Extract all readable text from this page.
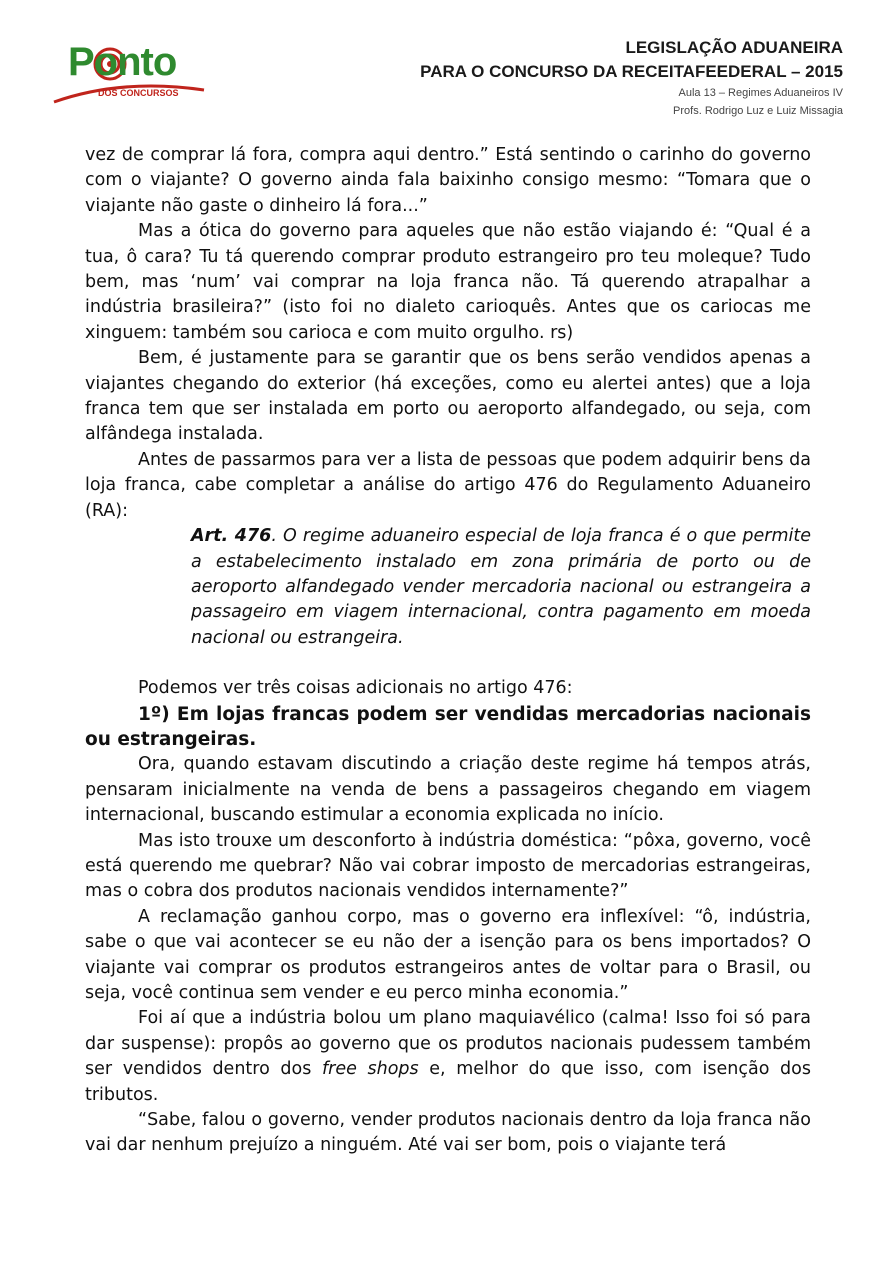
Ponto
DOS CONCURSOS
LEGISLAÇÃO ADUANEIRA
PARA O CONCURSO DA RECEITAFEEDERAL – 2015
Aula 13 – Regimes Aduaneiros IV
Profs. Rodrigo Luz e Luiz Missagia

vez de comprar lá fora, compra aqui dentro.” Está sentindo o carinho do governo com o viajante? O governo ainda fala baixinho consigo mesmo: “Tomara que o viajante não gaste o dinheiro lá fora...”

Mas a ótica do governo para aqueles que não estão viajando é: “Qual é a tua, ô cara? Tu tá querendo comprar produto estrangeiro pro teu moleque? Tudo bem, mas ‘num’ vai comprar na loja franca não. Tá querendo atrapalhar a indústria brasileira?” (isto foi no dialeto carioquês. Antes que os cariocas me xinguem: também sou carioca e com muito orgulho. rs)

Bem, é justamente para se garantir que os bens serão vendidos apenas a viajantes chegando do exterior (há exceções, como eu alertei antes) que a loja franca tem que ser instalada em porto ou aeroporto alfandegado, ou seja, com alfândega instalada.

Antes de passarmos para ver a lista de pessoas que podem adquirir bens da loja franca, cabe completar a análise do artigo 476 do Regulamento Aduaneiro (RA):

Art. 476. O regime aduaneiro especial de loja franca é o que permite a estabelecimento instalado em zona primária de porto ou de aeroporto alfandegado vender mercadoria nacional ou estrangeira a passageiro em viagem internacional, contra pagamento em moeda nacional ou estrangeira.

Podemos ver três coisas adicionais no artigo 476:

1º) Em lojas francas podem ser vendidas mercadorias nacionais ou estrangeiras.

Ora, quando estavam discutindo a criação deste regime há tempos atrás, pensaram inicialmente na venda de bens a passageiros chegando em viagem internacional, buscando estimular a economia explicada no início.

Mas isto trouxe um desconforto à indústria doméstica: “pôxa, governo, você está querendo me quebrar? Não vai cobrar imposto de mercadorias estrangeiras, mas o cobra dos produtos nacionais vendidos internamente?”

A reclamação ganhou corpo, mas o governo era inflexível: “ô, indústria, sabe o que vai acontecer se eu não der a isenção para os bens importados? O viajante vai comprar os produtos estrangeiros antes de voltar para o Brasil, ou seja, você continua sem vender e eu perco minha economia.”

Foi aí que a indústria bolou um plano maquiavélico (calma! Isso foi só para dar suspense): propôs ao governo que os produtos nacionais pudessem também ser vendidos dentro dos free shops e, melhor do que isso, com isenção dos tributos.

“Sabe, falou o governo, vender produtos nacionais dentro da loja franca não vai dar nenhum prejuízo a ninguém. Até vai ser bom, pois o viajante terá
